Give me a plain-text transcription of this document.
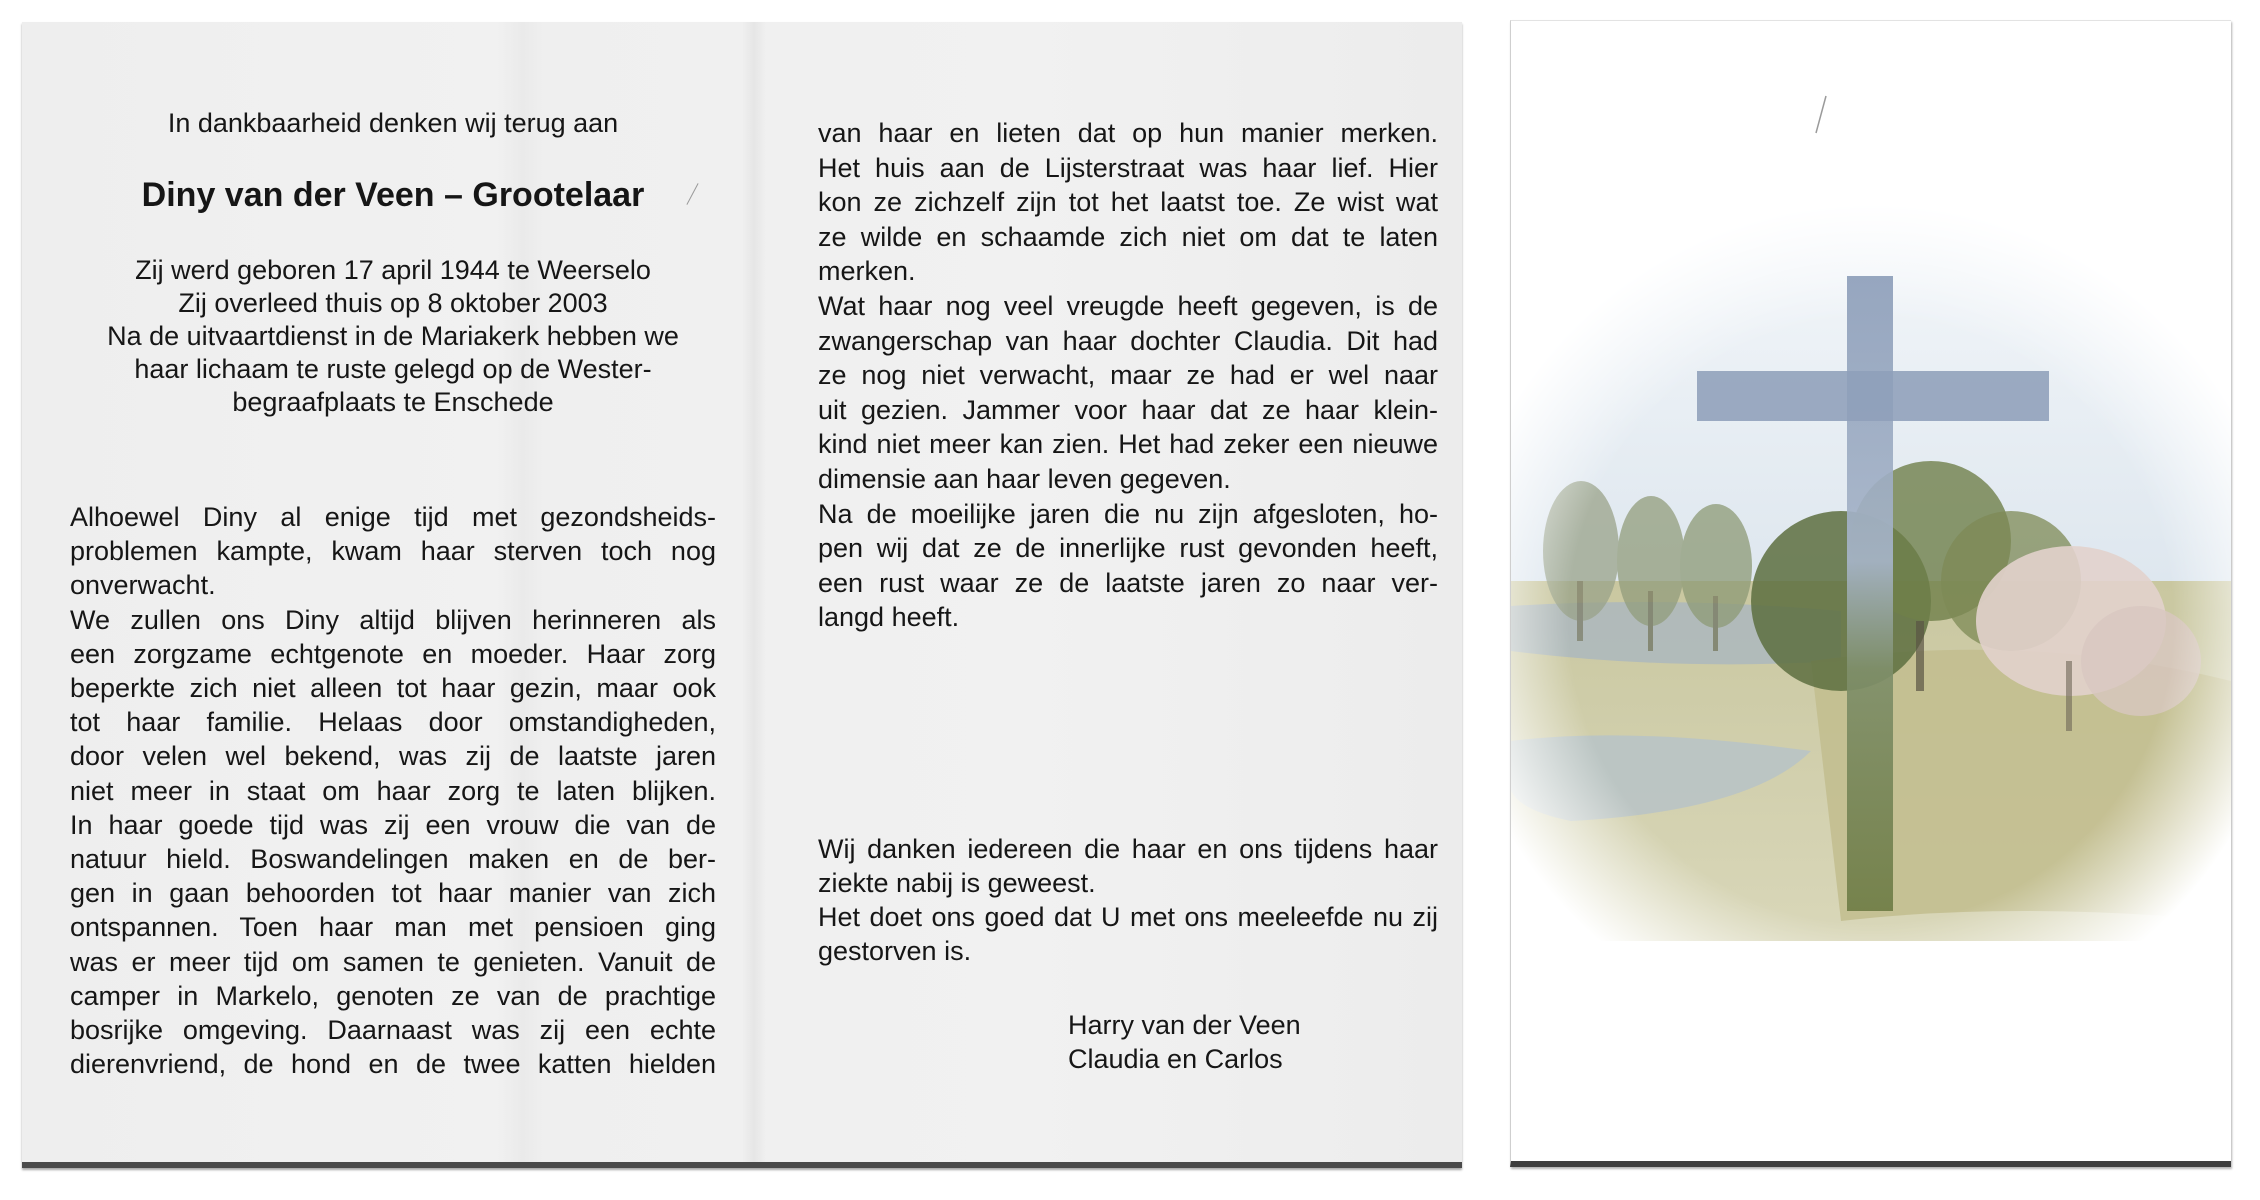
In dankbaarheid denken wij terug aan
Diny van der Veen – Grootelaar
Zij werd geboren 17 april 1944 te Weerselo
Zij overleed thuis op 8 oktober 2003
Na de uitvaartdienst in de Mariakerk hebben we
haar lichaam te ruste gelegd op de Wester-
begraafplaats te Enschede
Alhoewel Diny al enige tijd met gezondsheids-
problemen kampte, kwam haar sterven toch nog
onverwacht.
We zullen ons Diny altijd blijven herinneren als
een zorgzame echtgenote en moeder. Haar zorg
beperkte zich niet alleen tot haar gezin, maar ook
tot haar familie. Helaas door omstandigheden,
door velen wel bekend, was zij de laatste jaren
niet meer in staat om haar zorg te laten blijken.
In haar goede tijd was zij een vrouw die van de
natuur hield. Boswandelingen maken en de ber-
gen in gaan behoorden tot haar manier van zich
ontspannen. Toen haar man met pensioen ging
was er meer tijd om samen te genieten. Vanuit de
camper in Markelo, genoten ze van de prachtige
bosrijke omgeving. Daarnaast was zij een echte
dierenvriend, de hond en de twee katten hielden
van haar en lieten dat op hun manier merken.
Het huis aan de Lijsterstraat was haar lief. Hier
kon ze zichzelf zijn tot het laatst toe. Ze wist wat
ze wilde en schaamde zich niet om dat te laten
merken.
Wat haar nog veel vreugde heeft gegeven, is de
zwangerschap van haar dochter Claudia. Dit had
ze nog niet verwacht, maar ze had er wel naar
uit gezien. Jammer voor haar dat ze haar klein-
kind niet meer kan zien. Het had zeker een nieuwe
dimensie aan haar leven gegeven.
Na de moeilijke jaren die nu zijn afgesloten, ho-
pen wij dat ze de innerlijke rust gevonden heeft,
een rust waar ze de laatste jaren zo naar ver-
langd heeft.
Wij danken iedereen die haar en ons tijdens haar
ziekte nabij is geweest.
Het doet ons goed dat U met ons meeleefde nu zij
gestorven is.
Harry van der Veen
Claudia en Carlos
